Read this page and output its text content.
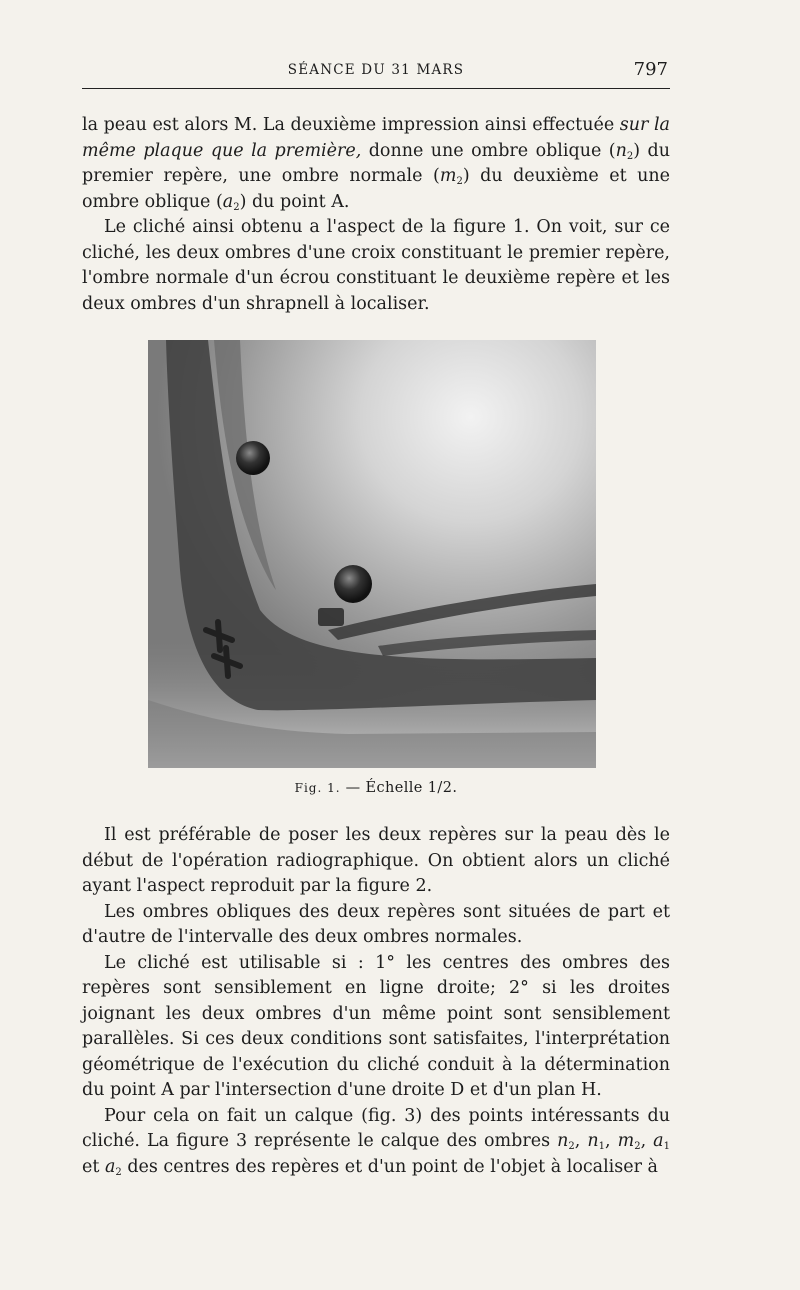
SÉANCE DU 31 MARS	797

la peau est alors M. La deuxième impression ainsi effectuée sur la même plaque que la première, donne une ombre oblique $(n_2)$ du premier repère, une ombre normale $(m_2)$ du deuxième et une ombre oblique $(a_2)$ du point A.

Le cliché ainsi obtenu a l'aspect de la figure 1. On voit, sur ce cliché, les deux ombres d'une croix constituant le premier repère, l'ombre normale d'un écrou constituant le deuxième repère et les deux ombres d'un shrapnell à localiser.

Fig. 1. — Échelle 1/2.

Il est préférable de poser les deux repères sur la peau dès le début de l'opération radiographique. On obtient alors un cliché ayant l'aspect reproduit par la figure 2.

Les ombres obliques des deux repères sont situées de part et d'autre de l'intervalle des deux ombres normales.

Le cliché est utilisable si : 1° les centres des ombres des repères sont sensiblement en ligne droite; 2° si les droites joignant les deux ombres d'un même point sont sensiblement parallèles. Si ces deux conditions sont satisfaites, l'interprétation géométrique de l'exécution du cliché conduit à la détermination du point A par l'intersection d'une droite D et d'un plan H.

Pour cela on fait un calque (fig. 3) des points intéressants du cliché. La figure 3 représente le calque des ombres $n_2$, $n_1$, $m_2$, $a_1$ et $a_2$ des centres des repères et d'un point de l'objet à localiser à
